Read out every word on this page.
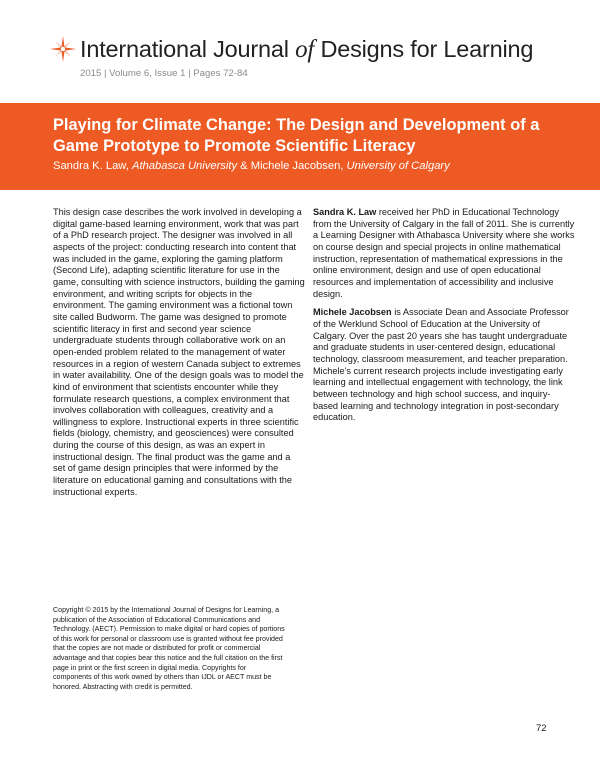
International Journal of Designs for Learning
2015 | Volume 6, Issue 1 | Pages 72-84
Playing for Climate Change: The Design and Development of a Game Prototype to Promote Scientific Literacy
Sandra K. Law, Athabasca University & Michele Jacobsen, University of Calgary

This design case describes the work involved in developing a digital game-based learning environment, work that was part of a PhD research project. The designer was involved in all aspects of the project: conducting research into content that was included in the game, exploring the gaming platform (Second Life), adapting scientific literature for use in the game, consulting with science instructors, building the gaming environment, and writing scripts for objects in the environment. The gaming environment was a fictional town site called Budworm. The game was designed to promote scientific literacy in first and second year science undergraduate students through collaborative work on an open-ended problem related to the management of water resources in a region of western Canada subject to extremes in water availability. One of the design goals was to model the kind of environment that scientists encounter while they formulate research questions, a complex environment that involves collaboration with colleagues, creativity and a willingness to explore. Instructional experts in three scientific fields (biology, chemistry, and geosciences) were consulted during the course of this design, as was an expert in instructional design. The final product was the game and a set of game design principles that were informed by the literature on educational gaming and consultations with the instructional experts.

Sandra K. Law received her PhD in Educational Technology from the University of Calgary in the fall of 2011. She is currently a Learning Designer with Athabasca University where she works on course design and special projects in online mathematical instruction, representation of mathematical expressions in the online environment, design and use of open educational resources and implementation of accessibility and inclusive design.

Michele Jacobsen is Associate Dean and Associate Professor of the Werklund School of Education at the University of Calgary. Over the past 20 years she has taught undergraduate and graduate students in user-centered design, educational technology, classroom measurement, and teacher preparation. Michele's current research projects include investigating early learning and intellectual engagement with technology, the link between technology and high school success, and inquiry-based learning and technology integration in post-secondary education.

Copyright © 2015 by the International Journal of Designs for Learning, a publication of the Association of Educational Communications and Technology. (AECT). Permission to make digital or hard copies of portions of this work for personal or classroom use is granted without fee provided that the copies are not made or distributed for profit or commercial advantage and that copies bear this notice and the full citation on the first page in print or the first screen in digital media. Copyrights for components of this work owned by others than IJDL or AECT must be honored. Abstracting with credit is permitted.

72
